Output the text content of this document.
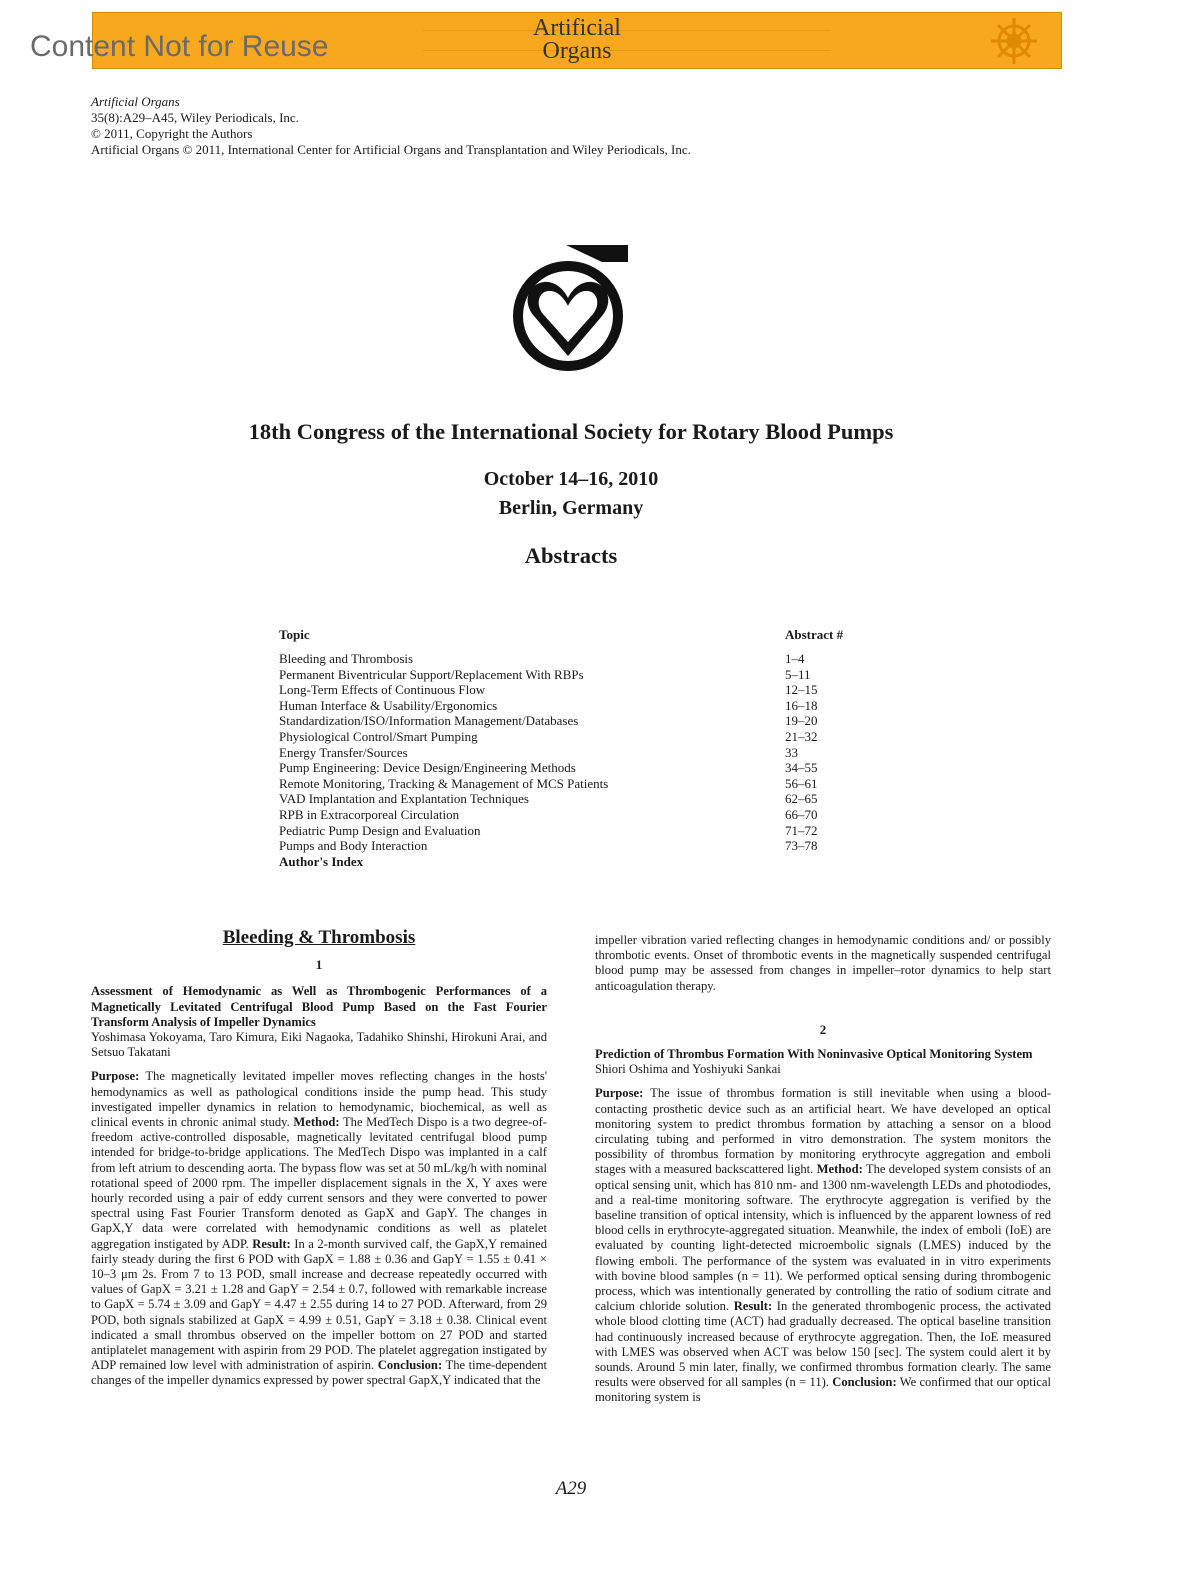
Artificial
Organs
Content Not for Reuse
Artificial Organs
35(8):A29–A45, Wiley Periodicals, Inc.
© 2011, Copyright the Authors
Artificial Organs © 2011, International Center for Artificial Organs and Transplantation and Wiley Periodicals, Inc.
18th Congress of the International Society for Rotary Blood Pumps
October 14–16, 2010
Berlin, Germany
Abstracts
Topic	Abstract #
Bleeding and Thrombosis	1–4
Permanent Biventricular Support/Replacement With RBPs	5–11
Long-Term Effects of Continuous Flow	12–15
Human Interface & Usability/Ergonomics	16–18
Standardization/ISO/Information Management/Databases	19–20
Physiological Control/Smart Pumping	21–32
Energy Transfer/Sources	33
Pump Engineering: Device Design/Engineering Methods	34–55
Remote Monitoring, Tracking & Management of MCS Patients	56–61
VAD Implantation and Explantation Techniques	62–65
RPB in Extracorporeal Circulation	66–70
Pediatric Pump Design and Evaluation	71–72
Pumps and Body Interaction	73–78
Author's Index
Bleeding & Thrombosis
1
Assessment of Hemodynamic as Well as Thrombogenic Performances of a Magnetically Levitated Centrifugal Blood Pump Based on the Fast Fourier Transform Analysis of Impeller Dynamics
Yoshimasa Yokoyama, Taro Kimura, Eiki Nagaoka, Tadahiko Shinshi, Hirokuni Arai, and Setsuo Takatani

Purpose: The magnetically levitated impeller moves reflecting changes in the hosts' hemodynamics as well as pathological conditions inside the pump head. This study investigated impeller dynamics in relation to hemodynamic, biochemical, as well as clinical events in chronic animal study. Method: The MedTech Dispo is a two degree-of-freedom active-controlled disposable, magnetically levitated centrifugal blood pump intended for bridge-to-bridge applications. The MedTech Dispo was implanted in a calf from left atrium to descending aorta. The bypass flow was set at 50 mL/kg/h with nominal rotational speed of 2000 rpm. The impeller displacement signals in the X, Y axes were hourly recorded using a pair of eddy current sensors and they were converted to power spectral using Fast Fourier Transform denoted as GapX and GapY. The changes in GapX,Y data were correlated with hemodynamic conditions as well as platelet aggregation instigated by ADP. Result: In a 2-month survived calf, the GapX,Y remained fairly steady during the first 6 POD with GapX = 1.88 ± 0.36 and GapY = 1.55 ± 0.41 × 10–3 μm 2s. From 7 to 13 POD, small increase and decrease repeatedly occurred with values of GapX = 3.21 ± 1.28 and GapY = 2.54 ± 0.7, followed with remarkable increase to GapX = 5.74 ± 3.09 and GapY = 4.47 ± 2.55 during 14 to 27 POD. Afterward, from 29 POD, both signals stabilized at GapX = 4.99 ± 0.51, GapY = 3.18 ± 0.38. Clinical event indicated a small thrombus observed on the impeller bottom on 27 POD and started antiplatelet management with aspirin from 29 POD. The platelet aggregation instigated by ADP remained low level with administration of aspirin. Conclusion: The time-dependent changes of the impeller dynamics expressed by power spectral GapX,Y indicated that the

impeller vibration varied reflecting changes in hemodynamic conditions and/ or possibly thrombotic events. Onset of thrombotic events in the magnetically suspended centrifugal blood pump may be assessed from changes in impeller–rotor dynamics to help start anticoagulation therapy.

2
Prediction of Thrombus Formation With Noninvasive Optical Monitoring System
Shiori Oshima and Yoshiyuki Sankai

Purpose: The issue of thrombus formation is still inevitable when using a blood-contacting prosthetic device such as an artificial heart. We have developed an optical monitoring system to predict thrombus formation by attaching a sensor on a blood circulating tubing and performed in vitro demonstration. The system monitors the possibility of thrombus formation by monitoring erythrocyte aggregation and emboli stages with a measured backscattered light. Method: The developed system consists of an optical sensing unit, which has 810 nm- and 1300 nm-wavelength LEDs and photodiodes, and a real-time monitoring software. The erythrocyte aggregation is verified by the baseline transition of optical intensity, which is influenced by the apparent lowness of red blood cells in erythrocyte-aggregated situation. Meanwhile, the index of emboli (IoE) are evaluated by counting light-detected microembolic signals (LMES) induced by the flowing emboli. The performance of the system was evaluated in in vitro experiments with bovine blood samples (n = 11). We performed optical sensing during thrombogenic process, which was intentionally generated by controlling the ratio of sodium citrate and calcium chloride solution. Result: In the generated thrombogenic process, the activated whole blood clotting time (ACT) had gradually decreased. The optical baseline transition had continuously increased because of erythrocyte aggregation. Then, the IoE measured with LMES was observed when ACT was below 150 [sec]. The system could alert it by sounds. Around 5 min later, finally, we confirmed thrombus formation clearly. The same results were observed for all samples (n = 11). Conclusion: We confirmed that our optical monitoring system is

A29
